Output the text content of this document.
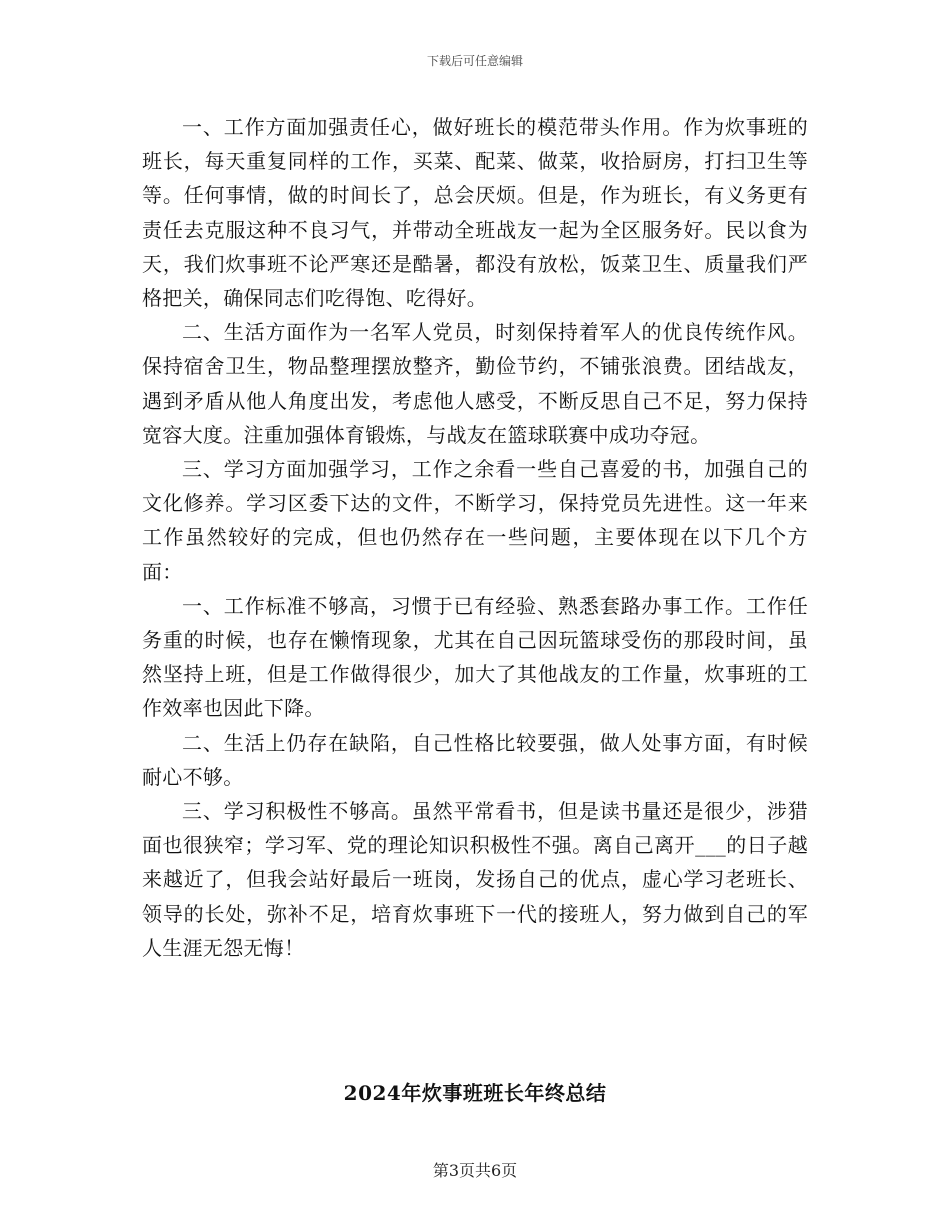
下载后可任意编辑

一、工作方面加强责任心，做好班长的模范带头作用。作为炊事班的班长，每天重复同样的工作，买菜、配菜、做菜，收拾厨房，打扫卫生等等。任何事情，做的时间长了，总会厌烦。但是，作为班长，有义务更有责任去克服这种不良习气，并带动全班战友一起为全区服务好。民以食为天，我们炊事班不论严寒还是酷暑，都没有放松，饭菜卫生、质量我们严格把关，确保同志们吃得饱、吃得好。

二、生活方面作为一名军人党员，时刻保持着军人的优良传统作风。保持宿舍卫生，物品整理摆放整齐，勤俭节约，不铺张浪费。团结战友，遇到矛盾从他人角度出发，考虑他人感受，不断反思自己不足，努力保持宽容大度。注重加强体育锻炼，与战友在篮球联赛中成功夺冠。

三、学习方面加强学习，工作之余看一些自己喜爱的书，加强自己的文化修养。学习区委下达的文件，不断学习，保持党员先进性。这一年来工作虽然较好的完成，但也仍然存在一些问题，主要体现在以下几个方面：

一、工作标准不够高，习惯于已有经验、熟悉套路办事工作。工作任务重的时候，也存在懒惰现象，尤其在自己因玩篮球受伤的那段时间，虽然坚持上班，但是工作做得很少，加大了其他战友的工作量，炊事班的工作效率也因此下降。

二、生活上仍存在缺陷，自己性格比较要强，做人处事方面，有时候耐心不够。

三、学习积极性不够高。虽然平常看书，但是读书量还是很少，涉猎面也很狭窄；学习军、党的理论知识积极性不强。离自己离开___的日子越来越近了，但我会站好最后一班岗，发扬自己的优点，虚心学习老班长、领导的长处，弥补不足，培育炊事班下一代的接班人，努力做到自己的军人生涯无怨无悔！

2024年炊事班班长年终总结
第3页共6页
